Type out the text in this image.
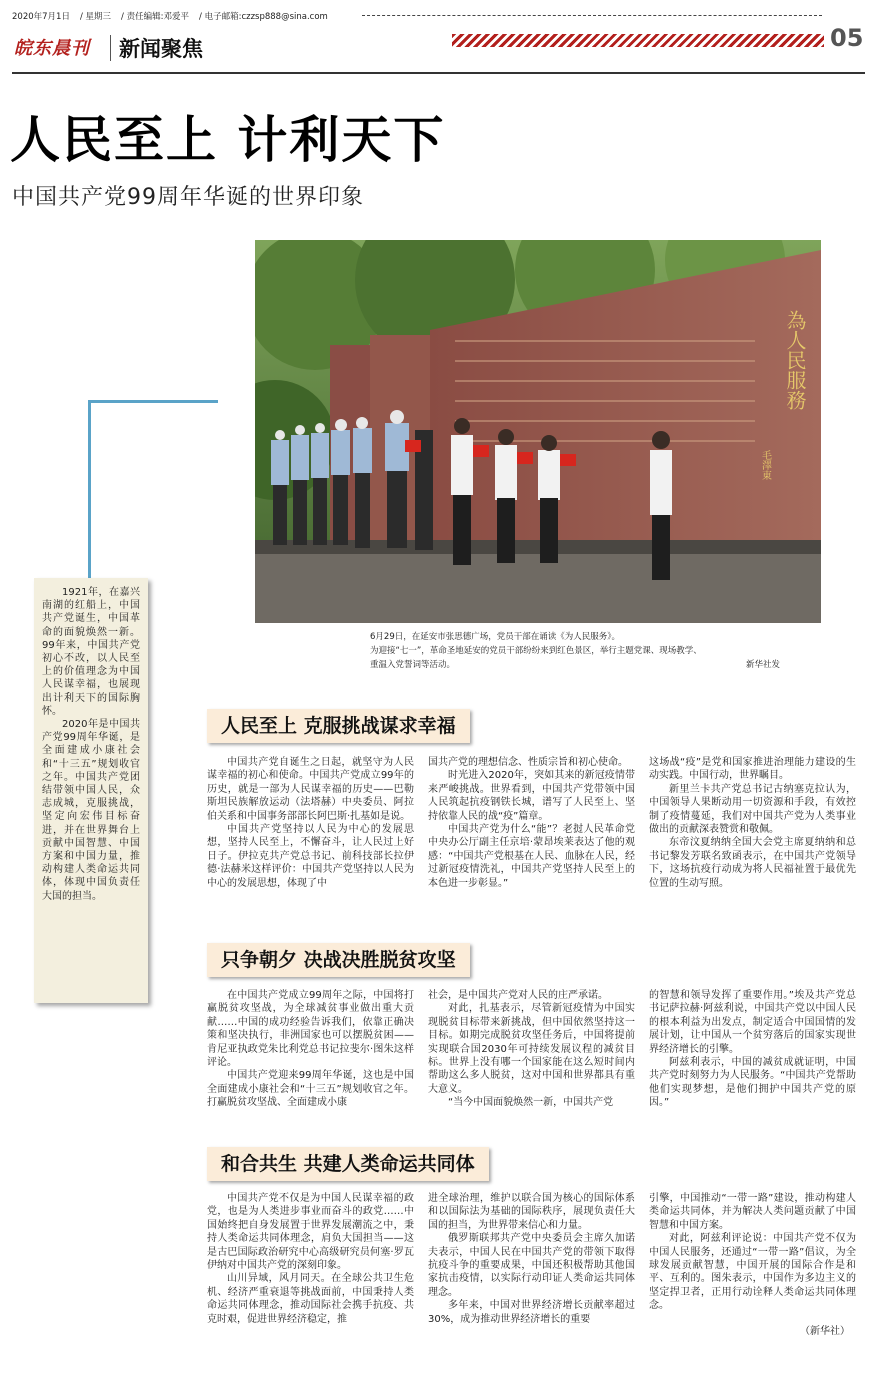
2020年7月1日 / 星期三 / 责任编辑:邓爱平 / 电子邮箱:czzsp888@sina.com
05
皖东晨刊 新闻聚焦
人民至上 计利天下
中国共产党99周年华诞的世界印象
為人民服務
毛澤東
6月29日，在延安市张思德广场，党员干部在诵读《为人民服务》。
为迎接“七一”，革命圣地延安的党员干部纷纷来到红色景区，举行主题党课、现场教学、
重温入党誓词等活动。	新华社发

1921年，在嘉兴南湖的红船上，中国共产党诞生，中国革命的面貌焕然一新。99年来，中国共产党初心不改，以人民至上的价值理念为中国人民谋幸福，也展现出计利天下的国际胸怀。

2020年是中国共产党99周年华诞，是全面建成小康社会和“十三五”规划收官之年。中国共产党团结带领中国人民，众志成城，克服挑战，坚定向宏伟目标奋进，并在世界舞台上贡献中国智慧、中国方案和中国力量，推动构建人类命运共同体，体现中国负责任大国的担当。

人民至上 克服挑战谋求幸福

中国共产党自诞生之日起，就坚守为人民谋幸福的初心和使命。中国共产党成立99年的历史，就是一部为人民谋幸福的历史——巴勒斯坦民族解放运动（法塔赫）中央委员、阿拉伯关系和中国事务部部长阿巴斯·扎基如是说。

中国共产党坚持以人民为中心的发展思想，坚持人民至上，不懈奋斗，让人民过上好日子。伊拉克共产党总书记、前科技部长拉伊德·法赫米这样评价：中国共产党坚持以人民为中心的发展思想，体现了中

国共产党的理想信念、性质宗旨和初心使命。

时光进入2020年，突如其来的新冠疫情带来严峻挑战。世界看到，中国共产党带领中国人民筑起抗疫钢铁长城，谱写了人民至上、坚持依靠人民的战“疫”篇章。

中国共产党为什么“能”？老挝人民革命党中央办公厅副主任京培·蒙昂埃莱表达了他的观感：“中国共产党根基在人民、血脉在人民，经过新冠疫情洗礼，中国共产党坚持人民至上的本色进一步彰显。”

这场战“疫”是党和国家推进治理能力建设的生动实践。中国行动，世界瞩目。

新里兰卡共产党总书记古纳塞克拉认为，中国领导人果断动用一切资源和手段，有效控制了疫情蔓延，我们对中国共产党为人类事业做出的贡献深表赞赏和敬佩。

东帝汶夏纳纳全国大会党主席夏纳纳和总书记黎发芳联名致函表示，在中国共产党领导下，这场抗疫行动成为将人民福祉置于最优先位置的生动写照。

只争朝夕 决战决胜脱贫攻坚

在中国共产党成立99周年之际，中国将打赢脱贫攻坚战，为全球减贫事业做出重大贡献……中国的成功经验告诉我们，依靠正确决策和坚决执行，非洲国家也可以摆脱贫困——肯尼亚执政党朱比利党总书记拉斐尔·图朱这样评论。

中国共产党迎来99周年华诞，这也是中国全面建成小康社会和“十三五”规划收官之年。打赢脱贫攻坚战、全面建成小康

社会，是中国共产党对人民的庄严承诺。

对此，扎基表示，尽管新冠疫情为中国实现脱贫目标带来新挑战，但中国依然坚持这一目标。如期完成脱贫攻坚任务后，中国将提前实现联合国2030年可持续发展议程的减贫目标。世界上没有哪一个国家能在这么短时间内帮助这么多人脱贫，这对中国和世界都具有重大意义。

“当今中国面貌焕然一新，中国共产党

的智慧和领导发挥了重要作用。”埃及共产党总书记萨拉赫·阿兹利说，中国共产党以中国人民的根本利益为出发点，制定适合中国国情的发展计划，让中国从一个贫穷落后的国家实现世界经济增长的引擎。

阿兹利表示，中国的减贫成就证明，中国共产党时刻努力为人民服务。“中国共产党帮助他们实现梦想，是他们拥护中国共产党的原因。”

和合共生 共建人类命运共同体

中国共产党不仅是为中国人民谋幸福的政党，也是为人类进步事业而奋斗的政党……中国始终把自身发展置于世界发展潮流之中，秉持人类命运共同体理念，肩负大国担当——这是古巴国际政治研究中心高级研究员何塞·罗瓦伊纳对中国共产党的深刻印象。

山川异域，风月同天。在全球公共卫生危机、经济严重衰退等挑战面前，中国秉持人类命运共同体理念，推动国际社会携手抗疫、共克时艰，促进世界经济稳定，推

进全球治理，维护以联合国为核心的国际体系和以国际法为基础的国际秩序，展现负责任大国的担当，为世界带来信心和力量。

俄罗斯联邦共产党中央委员会主席久加诺夫表示，中国人民在中国共产党的带领下取得抗疫斗争的重要成果，中国还积极帮助其他国家抗击疫情，以实际行动印证人类命运共同体理念。

多年来，中国对世界经济增长贡献率超过30%，成为推动世界经济增长的重要

引擎，中国推动“一带一路”建设，推动构建人类命运共同体，并为解决人类问题贡献了中国智慧和中国方案。

对此，阿兹利评论说：中国共产党不仅为中国人民服务，还通过“一带一路”倡议，为全球发展贡献智慧，中国开展的国际合作是和平、互利的。图朱表示，中国作为多边主义的坚定捍卫者，正用行动诠释人类命运共同体理念。

（新华社）
